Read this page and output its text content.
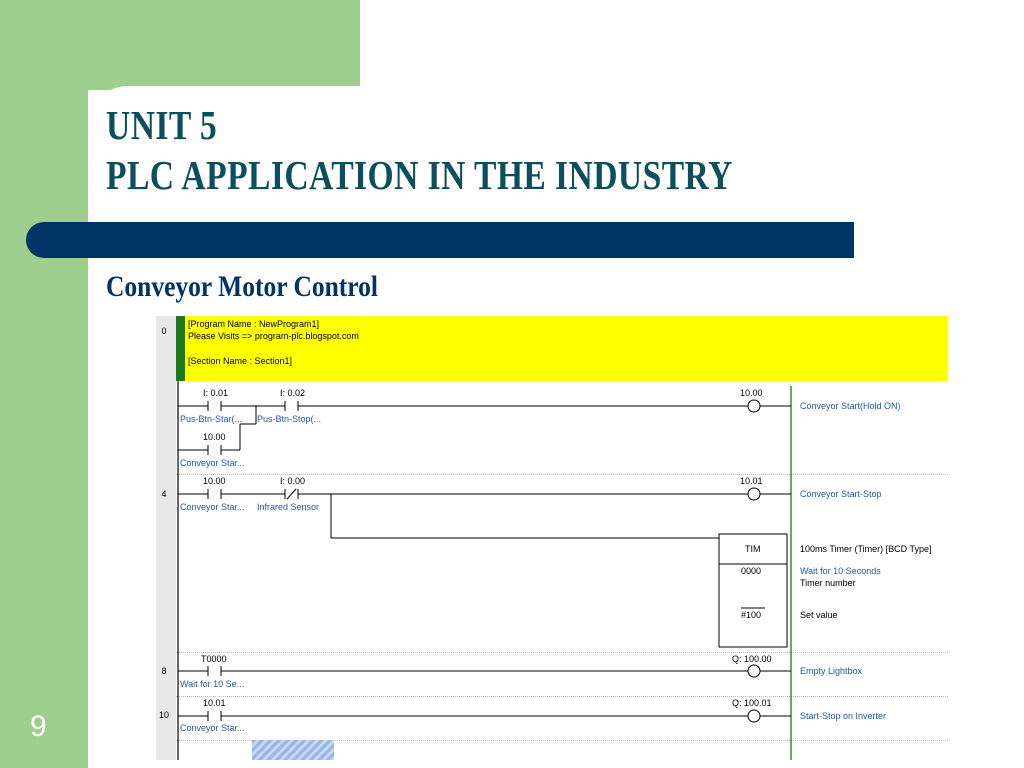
UNIT 5
PLC APPLICATION IN THE INDUSTRY
Conveyor Motor Control
9
0
4
8
10
[Program Name : NewProgram1]
Please Visits => program-plc.blogspot.com
[Section Name : Section1]
I: 0.01
Pus-Btn-Star(...
I: 0.02
Pus-Btn-Stop(...
10.00
Conveyor Star...
10.00
Conveyor Start(Hold ON)
10.00
Conveyor Star...
I: 0.00
Infrared Sensor
10.01
Conveyor Start-Stop
TIM
0000
#100
100ms Timer (Timer) [BCD Type]
Wait for 10 Seconds
Timer number
Set value
T0000
Wait for 10 Se...
Q: 100.00
Empty Lightbox
10.01
Conveyor Star...
Q: 100.01
Start-Stop on Inverter
